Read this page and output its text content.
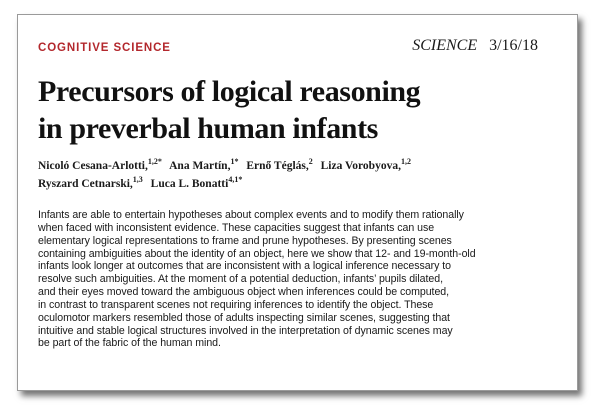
COGNITIVE SCIENCE	SCIENCE 3/16/18
Precursors of logical reasoning
in preverbal human infants
Nicoló Cesana-Arlotti,$^{1,2*}$ Ana Martín,$^{1*}$ Ernő Téglás,$^2$ Liza Vorobyova,$^{1,2}$
Ryszard Cetnarski,$^{1,3}$ Luca L. Bonatti$^{4,1*}$
Infants are able to entertain hypotheses about complex events and to modify them rationally
when faced with inconsistent evidence. These capacities suggest that infants can use
elementary logical representations to frame and prune hypotheses. By presenting scenes
containing ambiguities about the identity of an object, here we show that 12- and 19-month-old
infants look longer at outcomes that are inconsistent with a logical inference necessary to
resolve such ambiguities. At the moment of a potential deduction, infants’ pupils dilated,
and their eyes moved toward the ambiguous object when inferences could be computed,
in contrast to transparent scenes not requiring inferences to identify the object. These
oculomotor markers resembled those of adults inspecting similar scenes, suggesting that
intuitive and stable logical structures involved in the interpretation of dynamic scenes may
be part of the fabric of the human mind.
